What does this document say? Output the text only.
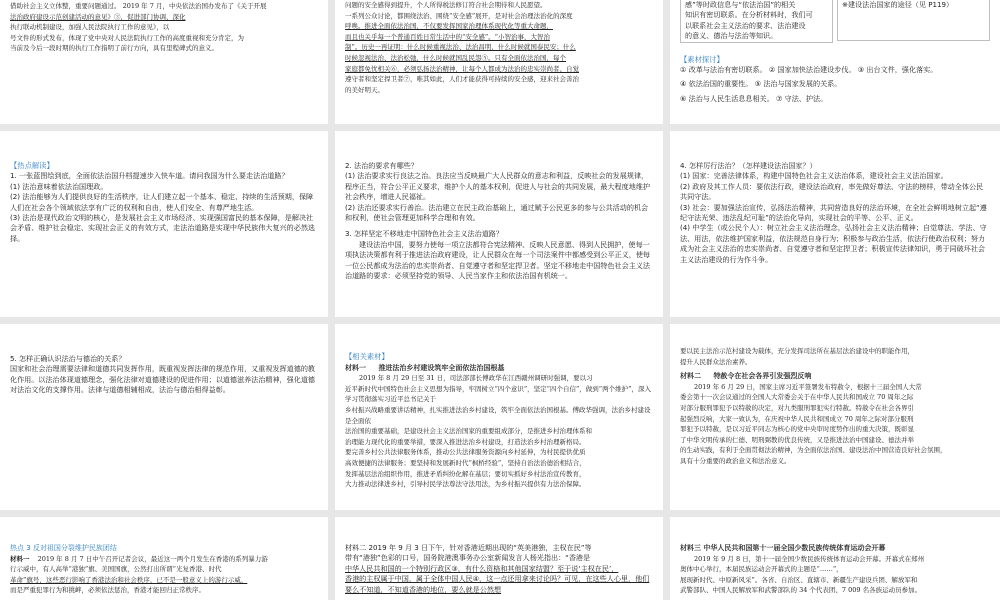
借助社会主义立体整，重要问题通过。 2019 年 7 月，中央依法治国办发布了《关于开展

法治政府建设示范创建活动的意见》③，促进部门协调、深化

执行联动机制建设，加强人民法院执行工作的意见》，以

号文件的形式发布，体现了党中央对人民法院执行工作的高度重视和充分肯定，为

当前及今后一段时期的执行工作指明了前行方向，具有里程碑式的意义。

问题的安全感得到提升，个人所得税法修订符合社会期待和人民愿望。

一系列公众讨论，都围绕法治、围绕“安全感”展开，是对社会治理法治化的深度

呼唤。推进全面依法治国，不仅要发挥国家治理体系现代化等重大命题，

而且也关乎每一个普通百姓日常生活中的“安全感”。“小智治事，大智治

制”。历史一再证明：什么时候重视法治、法治昌明，什么时候就国泰民安；什么

时候忽视法治、法治松弛，什么时候就国乱民怨⑤。只有全面依法治国，每个

家庭都免忧相关⑥，必须弘扬法治精神，让每个人都成为法治的忠实崇尚者、自觉

遵守者和坚定捍卫者⑦，唯其如此，人们才能获得可持续的安全感，迎来社会善治

的美好明天。

感”等时政信息与“依法治国”的相关

知识有密切联系。在分析材料时，我们可

以联系社会主义法治的要求、法治建设

的意义、德治与法治等知识。

※建设法治国家的途径（见 P119）

【素材探讨】

① 改革与法治有密切联系。 ② 国家加快法治建设步伐。 ③ 出台文件，强化落实。

④ 依法治国的重要性。 ⑤ 法治与国家发展的关系。

⑥ 法治与人民生活息息相关。 ⑦ 守法、护法。

【热点解读】

1. 一张蓝图绘到底，全面依法治国升档提速步入快车道。请问我国为什么要走法治道路？

(1) 法治意味着依法治国理政。

(2) 法治能够为人们提供良好的生活秩序，让人们建立起一个基本、稳定、持续的生活预期，保障人们在社会各个领域依法享有广泛的权利和自由，使人们安全、有尊严地生活。

(3) 法治是现代政治文明的核心，是发展社会主义市场经济、实现强国富民的基本保障，是解决社会矛盾、维护社会稳定、实现社会正义的有效方式，走法治道路是实现中华民族伟大复兴的必然选择。

2. 法治的要求有哪些？

(1) 法治要求实行良法之治。良法应当反映最广大人民群众的意志和利益，反映社会的发展规律，程序正当，符合公平正义要求，维护个人的基本权利，促进人与社会的共同发展，最大程度地维护社会秩序，增进人民福祉。

(2) 法治还要求实行善治。法治建立在民主政治基础上，通过赋予公民更多的参与公共活动的机会和权利，使社会管理更加科学合理和有效。

3. 怎样坚定不移地走中国特色社会主义法治道路？

建设法治中国，要努力使每一项立法都符合宪法精神、反映人民意愿、得到人民拥护，使每一项执法决策都有利于推进法治政府建设，让人民群众在每一个司法案件中都感受到公平正义，使每一位公民都成为法治的忠实崇尚者、自觉遵守者和坚定捍卫者。坚定不移地走中国特色社会主义法治道路的要求：必须坚持党的领导、人民当家作主和依法治国有机统一。

4. 怎样厉行法治？（怎样建设法治国家？）

(1) 国家：完善法律体系，构建中国特色社会主义法治体系，建设社会主义法治国家。

(2) 政府及其工作人员：要依法行政，建设法治政府，率先做好尊法、守法的榜样，带动全体公民共同守法。

(3) 社会：要加强法治宣传，弘扬法治精神，共同营造良好的法治环境，在全社会鲜明地树立起“遵纪守法光荣、违法乱纪可耻”的法治化导向，实现社会的平等、公平、正义。

(4) 中学生（或公民个人）：树立社会主义法治理念，弘扬社会主义法治精神；自觉尊法、学法、守法、用法，依法维护国家利益，依法规范自身行为；积极参与政治生活，依法行使政治权利；努力成为社会主义法治的忠实崇尚者、自觉遵守者和坚定捍卫者；积极宣传法律知识，勇于同破坏社会主义法治建设的行为作斗争。

5. 怎样正确认识法治与德治的关系？

国家和社会治理需要法律和道德共同发挥作用，既重视发挥法律的规范作用，又重视发挥道德的教化作用。以法治体现道德理念，强化法律对道德建设的促进作用；以道德滋养法治精神，强化道德对法治文化的支撑作用。法律与道德相辅相成，法治与德治相得益彰。

【相关素材】

材料一 推进法治乡村建设筑牢全面依法治国根基

2019 年 8 月 29 日至 31 日，司法部部长傅政华在江西赣州调研时强调，要以习

近平新时代中国特色社会主义思想为指导，牢固树立“四个意识”，坚定“四个自信”，做到“两个维护”，深入学习贯彻落实习近平总书记关于

乡村振兴战略重要讲话精神，扎实推进法治乡村建设，筑牢全面依法治国根基。傅政华强调，法治乡村建设是全面依

法治国的重要基础，是建设社会主义法治国家的重要组成部分，是推进乡村治理体系和

治理能力现代化的重要举措，要深入推进法治乡村建设，打造法治乡村治理新格局。

要完善乡村公共法律服务体系，推动公共法律服务资源向乡村延伸，为村民提供优质

高效便捷的法律服务；要坚持和发展新时代“枫桥经验”，坚持自治法治德治相结合，

发挥基层法治组织作用，推进矛盾纠纷化解在基层；要切实抓好乡村法治宣传教育，

大力推动法律进乡村，引导村民学法尊法守法用法，为乡村振兴提供有力法治保障。

要以民主法治示范村建设为载体，充分发挥司法所在基层法治建设中的职能作用，

提升人民群众法治素养。

材料二 特赦令在社会各界引发强烈反响

2019 年 6 月 29 日，国家主席习近平签署发布特赦令，根据十三届全国人大常

委会第十一次会议通过的全国人大常委会关于在中华人民共和国成立 70 周年之际

对部分服刑罪犯予以特赦的决定，对九类服刑罪犯实行特赦。特赦令在社会各界引

起强烈反响，大家一致认为，在庆祝中华人民共和国成立 70 周年之际对部分服刑

罪犯予以特赦，是以习近平同志为核心的党中央审时度势作出的重大决策，既彰显

了中华文明传承的仁德、明刑弼教的优良传统，又是推进法治中国建设、德法并举

的生动实践，有利于全面贯彻法治精神，为全面依法治国、建设法治中国营造良好社会氛围，

具有十分重要的政治意义和法治意义。

热点 3 反对祖国分裂维护民族团结

材料一 2019 年 8 月 7 日中午召开记者会议，最近这一两个月发生在香港的系列暴力游

行示威中，有人高举“港独”旗、美国国旗，公然打出所谓“光复香港、时代

革命”旗号，这些恶行影响了香港法治和社会秩序，已不是一般意义上的游行示威，

而是严重犯罪行为和挑衅，必须依法惩治，香港才能回归正常秩序。

材料二 2019 年 9 月 3 日下午，针对香港近期出现的“英美港独，主权在民”等

带有“港独”色彩的口号，国务院港澳事务办公室新闻发言人杨光指出：“香港是

中华人民共和国的一个特别行政区③，有什么资格和其他国家结盟？至于说‘主权在民’，

香港的主权属于中国，属于全体中国人民④，这一点还用拿来讨论吗？可见，在这些人心里，他们要么不知道，不知道香港的地位，要么就是公然想

材料三 中华人民共和国第十一届全国少数民族传统体育运动会开幕

2019 年 9 月 8 日，第十一届全国少数民族传统体育运动会开幕。开幕式在郑州

奥体中心举行，本届民族运动会开幕式的主题是“……”，

展现新时代、中原新风采”。各省、自治区、直辖市、新疆生产建设兵团、解放军和

武警部队、中国人民解放军和武警部队的 34 个代表团、7 009 名各族运动员参加。
